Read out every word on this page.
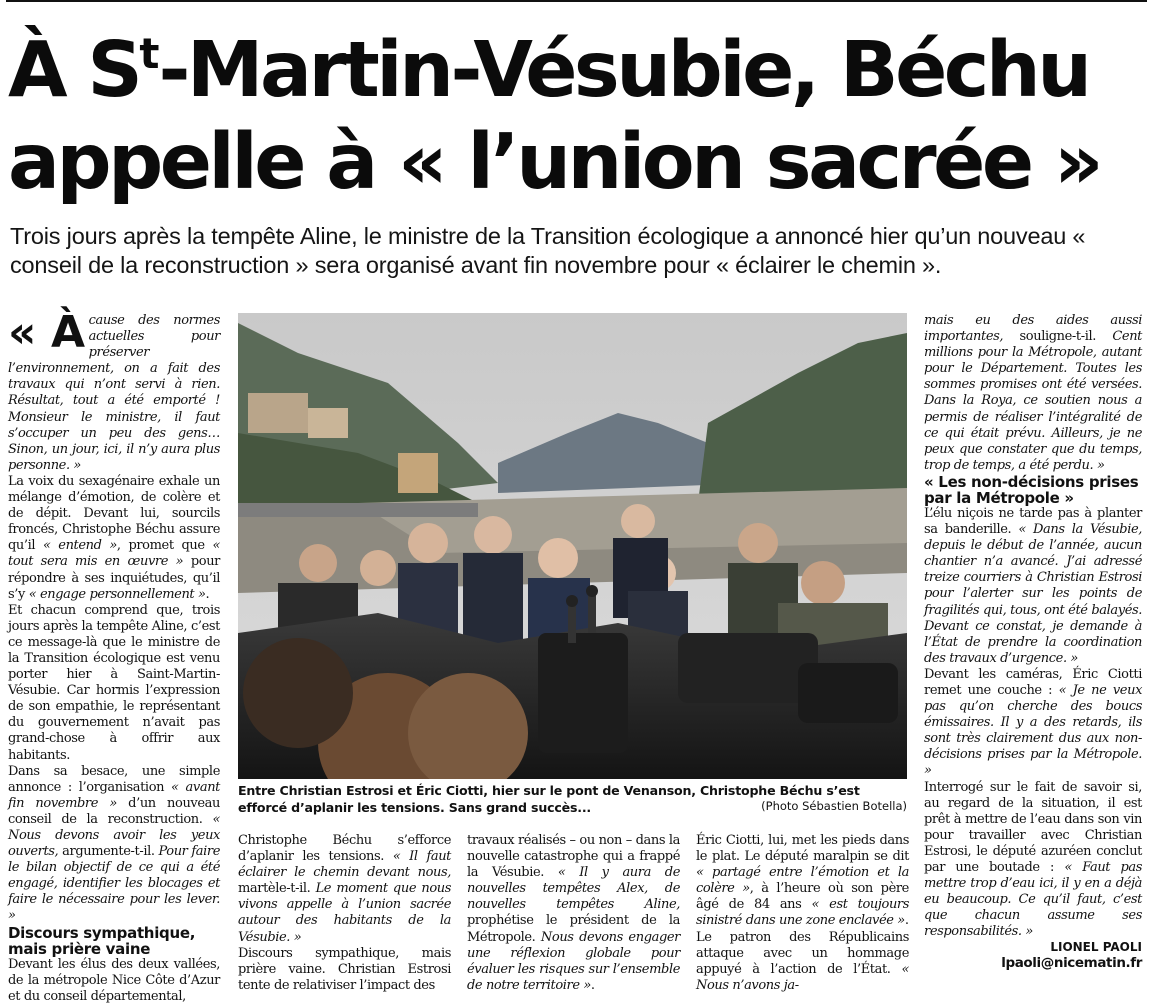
À $S^t-Martin$-Vésubie, Béchu
appelle à « l’union sacrée »

Trois jours après la tempête Aline, le ministre de la Transition écologique a annoncé hier qu’un nouveau « conseil de la reconstruction » sera organisé avant fin novembre pour « éclairer le chemin ».

« À cause des normes actuelles pour préserver l’environnement, on a fait des travaux qui n’ont servi à rien. Résultat, tout a été emporté ! Monsieur le ministre, il faut s’occuper un peu des gens… Sinon, un jour, ici, il n’y aura plus personne. »

La voix du sexagénaire exhale un mélange d’émotion, de colère et de dépit. Devant lui, sourcils froncés, Christophe Béchu assure qu’il « entend », promet que « tout sera mis en œuvre » pour répondre à ses inquiétudes, qu’il s’y « engage personnellement ».

Et chacun comprend que, trois jours après la tempête Aline, c’est ce message-là que le ministre de la Transition écologique est venu porter hier à Saint-Martin-Vésubie. Car hormis l’expression de son empathie, le représentant du gouvernement n’avait pas grand-chose à offrir aux habitants.

Dans sa besace, une simple annonce : l’organisation « avant fin novembre » d’un nouveau conseil de la reconstruction. « Nous devons avoir les yeux ouverts, argumente-t-il. Pour faire le bilan objectif de ce qui a été engagé, identifier les blocages et faire le nécessaire pour les lever. »

Discours sympathique, mais prière vaine

Devant les élus des deux vallées, de la métropole Nice Côte d’Azur et du conseil départemental,

Entre Christian Estrosi et Éric Ciotti, hier sur le pont de Venanson, Christophe Béchu s’est efforcé d’aplanir les tensions. Sans grand succès...	(Photo Sébastien Botella)

Christophe Béchu s’efforce d’aplanir les tensions. « Il faut éclairer le chemin devant nous, martèle-t-il. Le moment que nous vivons appelle à l’union sacrée autour des habitants de la Vésubie. »

Discours sympathique, mais prière vaine. Christian Estrosi tente de relativiser l’impact des

travaux réalisés – ou non – dans la nouvelle catastrophe qui a frappé la Vésubie. « Il y aura de nouvelles tempêtes Alex, de nouvelles tempêtes Aline, prophétise le président de la Métropole. Nous devons engager une réflexion globale pour évaluer les risques sur l’ensemble de notre territoire ».

Éric Ciotti, lui, met les pieds dans le plat. Le député maralpin se dit « partagé entre l’émotion et la colère », à l’heure où son père âgé de 84 ans « est toujours sinistré dans une zone enclavée ».

Le patron des Républicains attaque avec un hommage appuyé à l’action de l’État. « Nous n’avons ja-

mais eu des aides aussi importantes, souligne-t-il. Cent millions pour la Métropole, autant pour le Département. Toutes les sommes promises ont été versées. Dans la Roya, ce soutien nous a permis de réaliser l’intégralité de ce qui était prévu. Ailleurs, je ne peux que constater que du temps, trop de temps, a été perdu. »

« Les non-décisions prises par la Métropole »

L’élu niçois ne tarde pas à planter sa banderille. « Dans la Vésubie, depuis le début de l’année, aucun chantier n’a avancé. J’ai adressé treize courriers à Christian Estrosi pour l’alerter sur les points de fragilités qui, tous, ont été balayés. Devant ce constat, je demande à l’État de prendre la coordination des travaux d’urgence. »

Devant les caméras, Éric Ciotti remet une couche : « Je ne veux pas qu’on cherche des boucs émissaires. Il y a des retards, ils sont très clairement dus aux non-décisions prises par la Métropole. »

Interrogé sur le fait de savoir si, au regard de la situation, il est prêt à mettre de l’eau dans son vin pour travailler avec Christian Estrosi, le député azuréen conclut par une boutade : « Faut pas mettre trop d’eau ici, il y en a déjà eu beaucoup. Ce qu’il faut, c’est que chacun assume ses responsabilités. »

LIONEL PAOLI

lpaoli@nicematin.fr
